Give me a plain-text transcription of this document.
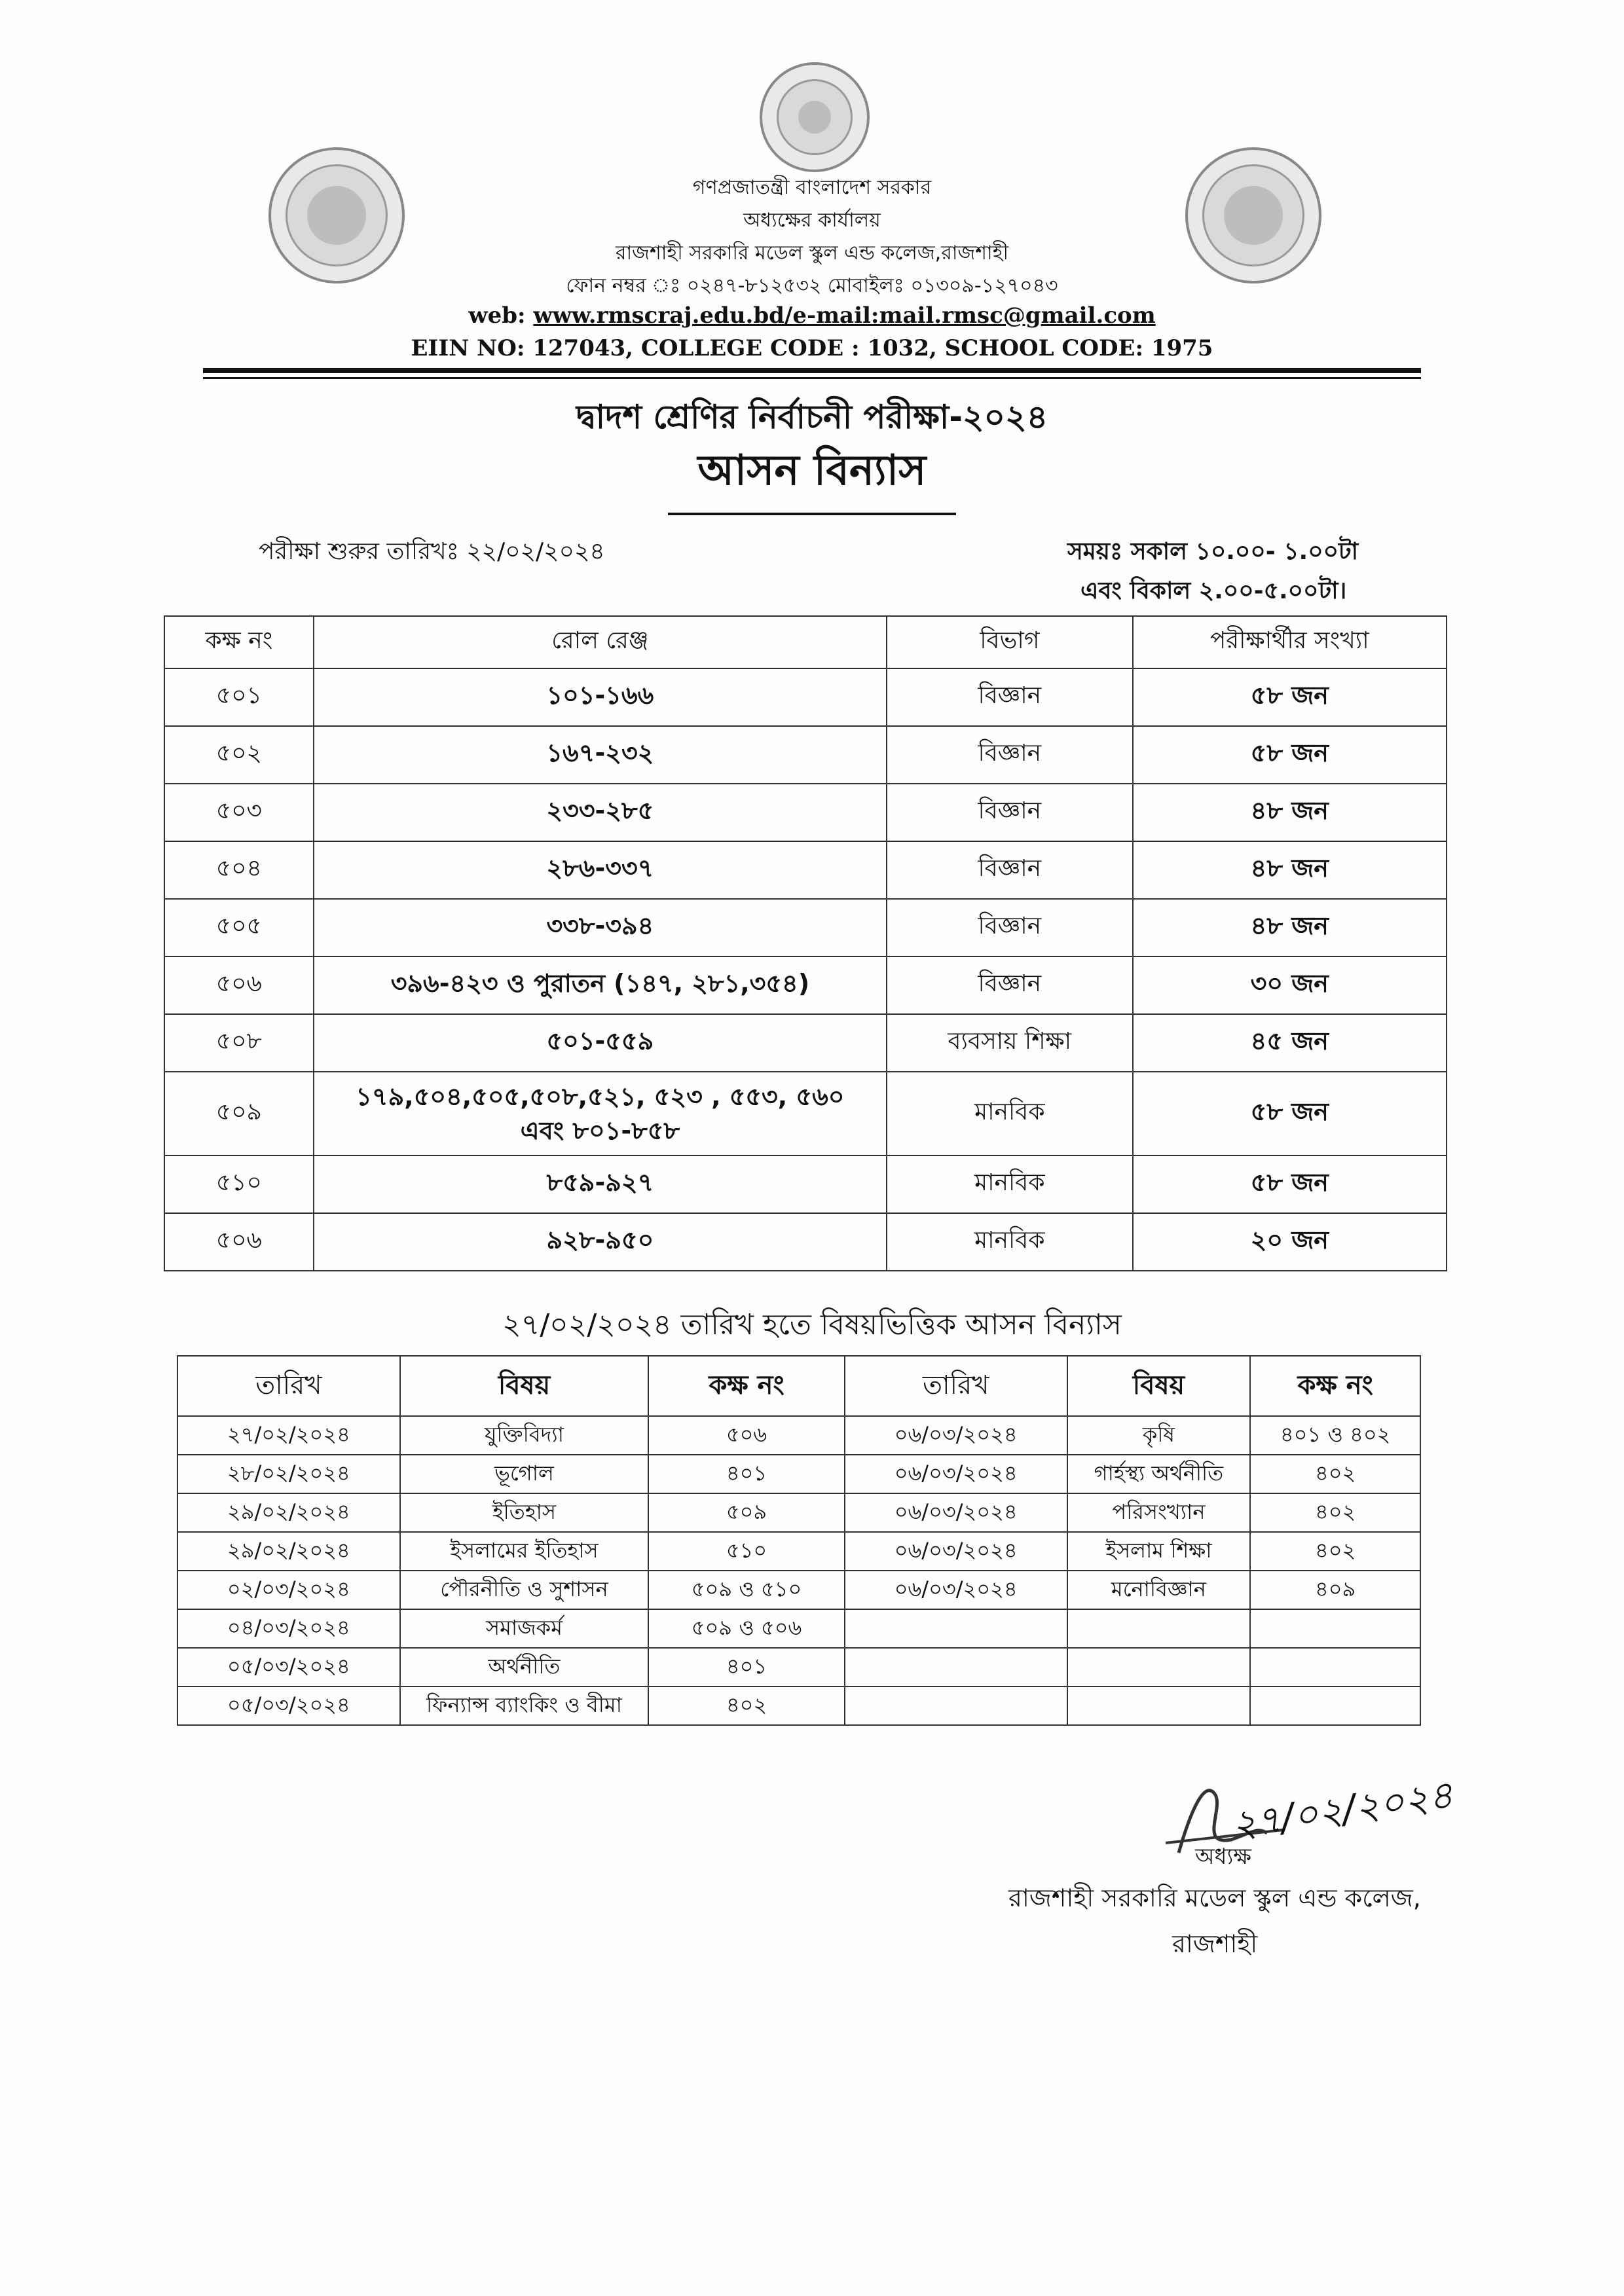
গণপ্রজাতন্ত্রী বাংলাদেশ সরকার
অধ্যক্ষের কার্যালয়
রাজশাহী সরকারি মডেল স্কুল এন্ড কলেজ,রাজশাহী
ফোন নম্বর ঃ ০২৪৭-৮১২৫৩২ মোবাইলঃ ০১৩০৯-১২৭০৪৩
web: www.rmscraj.edu.bd/e-mail:mail.rmsc@gmail.com
EIIN NO: 127043, COLLEGE CODE : 1032, SCHOOL CODE: 1975
দ্বাদশ শ্রেণির নির্বাচনী পরীক্ষা-২০২৪
আসন বিন্যাস
পরীক্ষা শুরুর তারিখঃ ২২/০২/২০২৪	সময়ঃ সকাল ১০.০০- ১.০০টা
এবং বিকাল ২.০০-৫.০০টা।
কক্ষ নং	রোল রেঞ্জ	বিভাগ	পরীক্ষার্থীর সংখ্যা
৫০১	১০১-১৬৬	বিজ্ঞান	৫৮ জন
৫০২	১৬৭-২৩২	বিজ্ঞান	৫৮ জন
৫০৩	২৩৩-২৮৫	বিজ্ঞান	৪৮ জন
৫০৪	২৮৬-৩৩৭	বিজ্ঞান	৪৮ জন
৫০৫	৩৩৮-৩৯৪	বিজ্ঞান	৪৮ জন
৫০৬	৩৯৬-৪২৩ ও পুরাতন (১৪৭, ২৮১,৩৫৪)	বিজ্ঞান	৩০ জন
৫০৮	৫০১-৫৫৯	ব্যবসায় শিক্ষা	৪৫ জন
৫০৯	১৭৯,৫০৪,৫০৫,৫০৮,৫২১, ৫২৩ , ৫৫৩, ৫৬০ এবং ৮০১-৮৫৮	মানবিক	৫৮ জন
৫১০	৮৫৯-৯২৭	মানবিক	৫৮ জন
৫০৬	৯২৮-৯৫০	মানবিক	২০ জন
২৭/০২/২০২৪ তারিখ হতে বিষয়ভিত্তিক আসন বিন্যাস
তারিখ	বিষয়	কক্ষ নং	তারিখ	বিষয়	কক্ষ নং
২৭/০২/২০২৪	যুক্তিবিদ্যা	৫০৬	০৬/০৩/২০২৪	কৃষি	৪০১ ও ৪০২
২৮/০২/২০২৪	ভূগোল	৪০১	০৬/০৩/২০২৪	গার্হস্থ্য অর্থনীতি	৪০২
২৯/০২/২০২৪	ইতিহাস	৫০৯	০৬/০৩/২০২৪	পরিসংখ্যান	৪০২
২৯/০২/২০২৪	ইসলামের ইতিহাস	৫১০	০৬/০৩/২০২৪	ইসলাম শিক্ষা	৪০২
০২/০৩/২০২৪	পৌরনীতি ও সুশাসন	৫০৯ ও ৫১০	০৬/০৩/২০২৪	মনোবিজ্ঞান	৪০৯
০৪/০৩/২০২৪	সমাজকর্ম	৫০৯ ও ৫০৬			
০৫/০৩/২০২৪	অর্থনীতি	৪০১			
০৫/০৩/২০২৪	ফিন্যান্স ব্যাংকিং ও বীমা	৪০২			
২৭/০২/২০২৪
অধ্যক্ষ
রাজশাহী সরকারি মডেল স্কুল এন্ড কলেজ,
রাজশাহী
